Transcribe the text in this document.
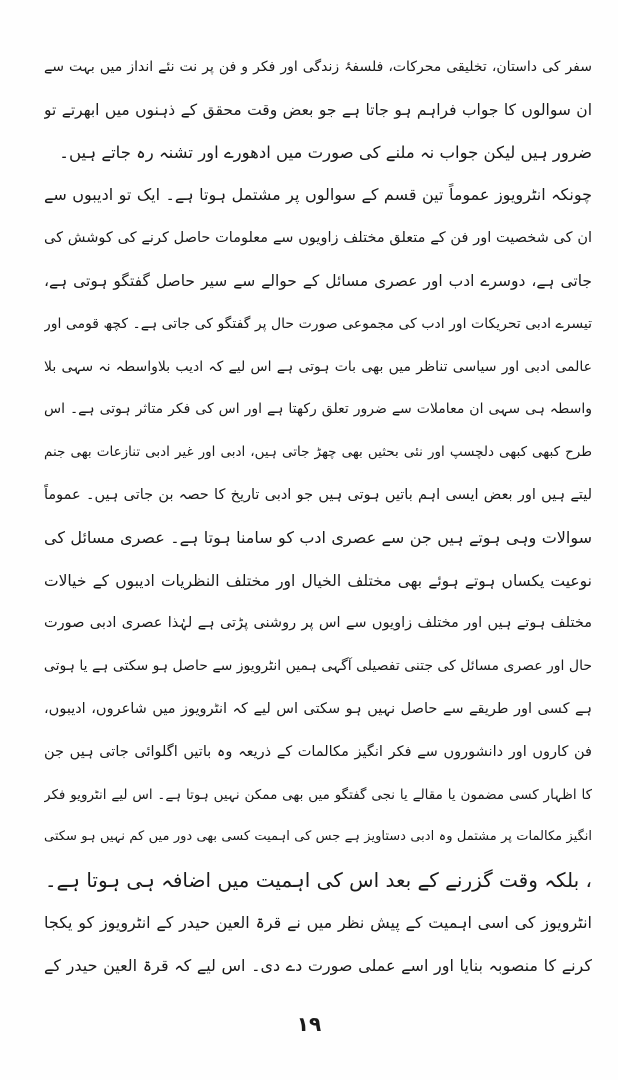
سفر کی داستان، تخلیقی محرکات، فلسفۂ زندگی اور فکر و فن پر نت نئے انداز میں بہت سے
ان سوالوں کا جواب فراہم ہو جاتا ہے جو بعض وقت محقق کے ذہنوں میں ابھرتے تو
ضرور ہیں لیکن جواب نہ ملنے کی صورت میں ادھورے اور تشنہ رہ جاتے ہیں۔
چونکہ انٹرویوز عموماً تین قسم کے سوالوں پر مشتمل ہوتا ہے۔ ایک تو ادیبوں سے
ان کی شخصیت اور فن کے متعلق مختلف زاویوں سے معلومات حاصل کرنے کی کوشش کی
جاتی ہے، دوسرے ادب اور عصری مسائل کے حوالے سے سیر حاصل گفتگو ہوتی ہے،
تیسرے ادبی تحریکات اور ادب کی مجموعی صورت حال پر گفتگو کی جاتی ہے۔ کچھ قومی اور
عالمی ادبی اور سیاسی تناظر میں بھی بات ہوتی ہے اس لیے کہ ادیب بلاواسطہ نہ سہی بلا
واسطہ ہی سہی ان معاملات سے ضرور تعلق رکھتا ہے اور اس کی فکر متاثر ہوتی ہے۔ اس
طرح کبھی کبھی دلچسپ اور نئی بحثیں بھی چھڑ جاتی ہیں، ادبی اور غیر ادبی تنازعات بھی جنم
لیتے ہیں اور بعض ایسی اہم باتیں ہوتی ہیں جو ادبی تاریخ کا حصہ بن جاتی ہیں۔ عموماً
سوالات وہی ہوتے ہیں جن سے عصری ادب کو سامنا ہوتا ہے۔ عصری مسائل کی
نوعیت یکساں ہوتے ہوئے بھی مختلف الخیال اور مختلف النظریات ادیبوں کے خیالات
مختلف ہوتے ہیں اور مختلف زاویوں سے اس پر روشنی پڑتی ہے لہٰذا عصری ادبی صورت
حال اور عصری مسائل کی جتنی تفصیلی آگہی ہمیں انٹرویوز سے حاصل ہو سکتی ہے یا ہوتی
ہے کسی اور طریقے سے حاصل نہیں ہو سکتی اس لیے کہ انٹرویوز میں شاعروں، ادیبوں،
فن کاروں اور دانشوروں سے فکر انگیز مکالمات کے ذریعہ وہ باتیں اگلوائی جاتی ہیں جن
کا اظہار کسی مضمون یا مقالے یا نجی گفتگو میں بھی ممکن نہیں ہوتا ہے۔ اس لیے انٹرویو فکر
انگیز مکالمات پر مشتمل وہ ادبی دستاویز ہے جس کی اہمیت کسی بھی دور میں کم نہیں ہو سکتی
، بلکہ وقت گزرنے کے بعد اس کی اہمیت میں اضافہ ہی ہوتا ہے۔
انٹرویوز کی اسی اہمیت کے پیش نظر میں نے قرۃ العین حیدر کے انٹرویوز کو یکجا
کرنے کا منصوبہ بنایا اور اسے عملی صورت دے دی۔ اس لیے کہ قرۃ العین حیدر کے
۱۹
